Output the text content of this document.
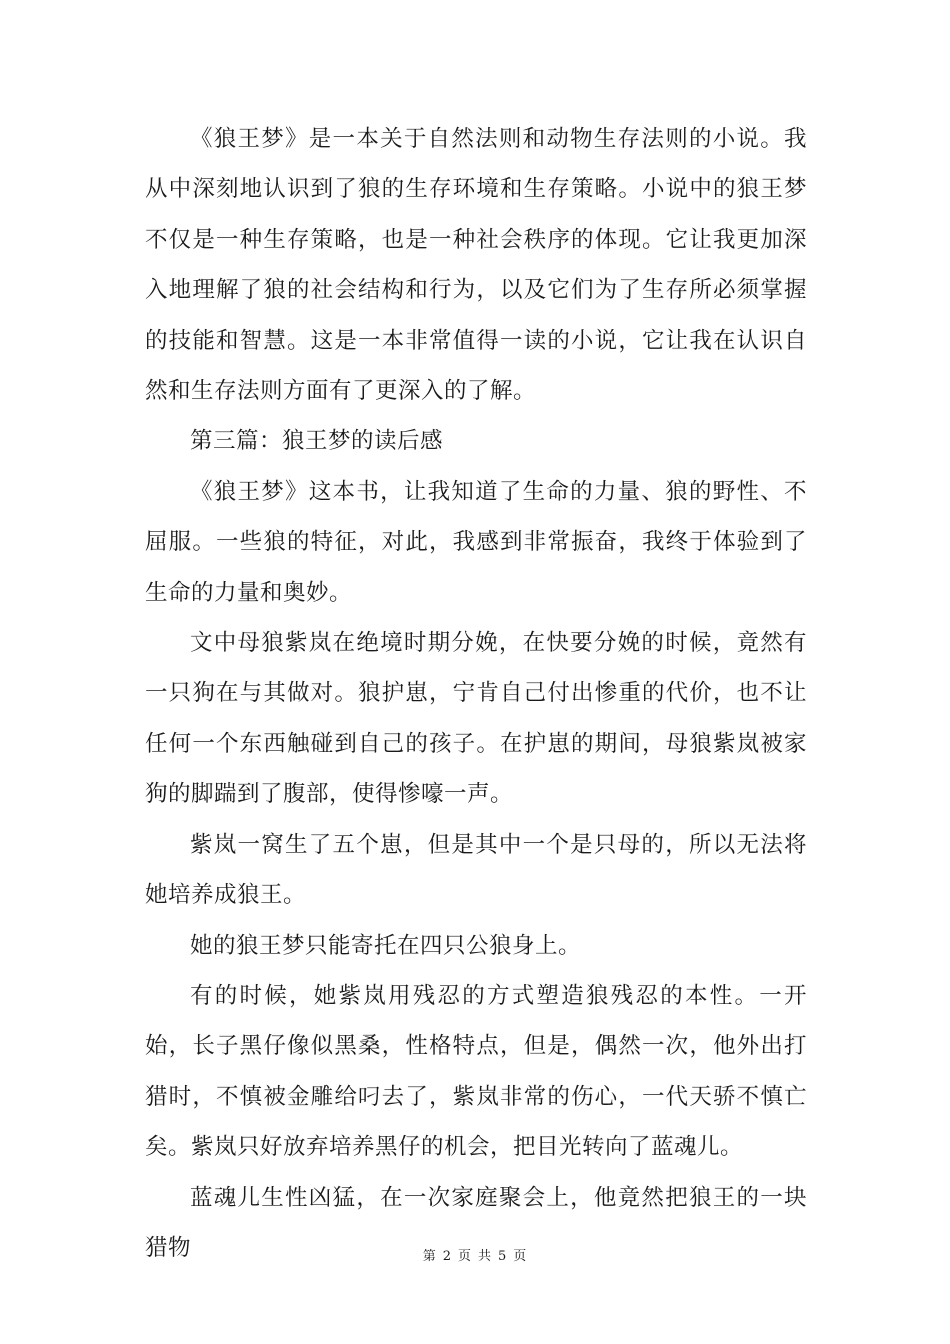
《狼王梦》是一本关于自然法则和动物生存法则的小说。我从中深刻地认识到了狼的生存环境和生存策略。小说中的狼王梦不仅是一种生存策略，也是一种社会秩序的体现。它让我更加深入地理解了狼的社会结构和行为，以及它们为了生存所必须掌握的技能和智慧。这是一本非常值得一读的小说，它让我在认识自然和生存法则方面有了更深入的了解。

第三篇：狼王梦的读后感

《狼王梦》这本书，让我知道了生命的力量、狼的野性、不屈服。一些狼的特征，对此，我感到非常振奋，我终于体验到了生命的力量和奥妙。

文中母狼紫岚在绝境时期分娩，在快要分娩的时候，竟然有一只狗在与其做对。狼护崽，宁肯自己付出惨重的代价，也不让任何一个东西触碰到自己的孩子。在护崽的期间，母狼紫岚被家狗的脚踹到了腹部，使得惨嚎一声。

紫岚一窝生了五个崽，但是其中一个是只母的，所以无法将她培养成狼王。

她的狼王梦只能寄托在四只公狼身上。

有的时候，她紫岚用残忍的方式塑造狼残忍的本性。一开始，长子黑仔像似黑桑，性格特点，但是，偶然一次，他外出打猎时，不慎被金雕给叼去了，紫岚非常的伤心，一代天骄不慎亡矣。紫岚只好放弃培养黑仔的机会，把目光转向了蓝魂儿。

蓝魂儿生性凶猛，在一次家庭聚会上，他竟然把狼王的一块猎物	第 2 页 共 5 页
